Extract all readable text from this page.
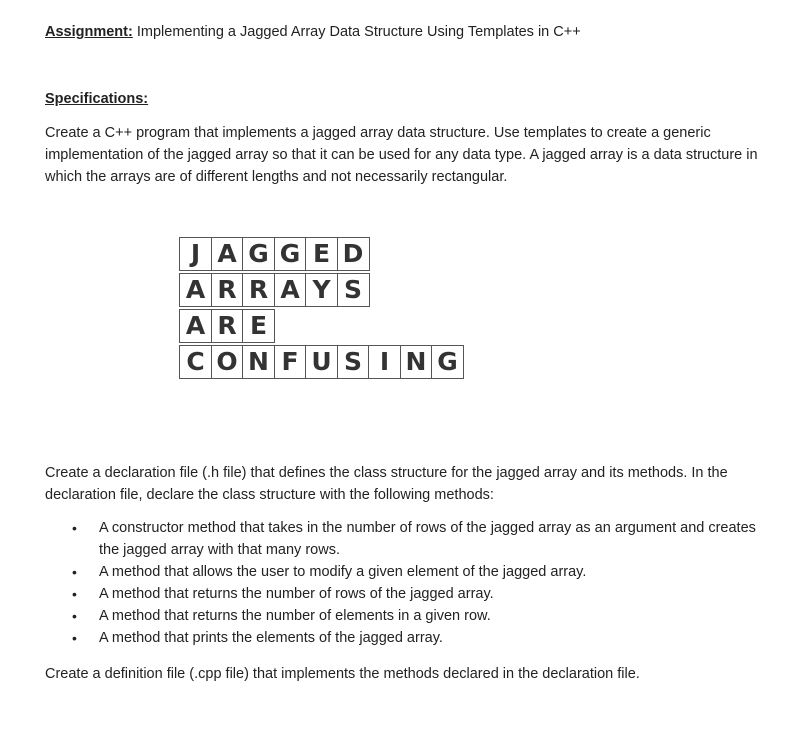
Assignment: Implementing a Jagged Array Data Structure Using Templates in C++

Specifications:

Create a C++ program that implements a jagged array data structure. Use templates to create a generic implementation of the jagged array so that it can be used for any data type. A jagged array is a data structure in which the arrays are of different lengths and not necessarily rectangular.

J A G G E D
A R R A Y S
A R E
C O N F U S I N G

Create a declaration file (.h file) that defines the class structure for the jagged array and its methods. In the declaration file, declare the class structure with the following methods:

• A constructor method that takes in the number of rows of the jagged array as an argument and creates the jagged array with that many rows.
• A method that allows the user to modify a given element of the jagged array.
• A method that returns the number of rows of the jagged array.
• A method that returns the number of elements in a given row.
• A method that prints the elements of the jagged array.

Create a definition file (.cpp file) that implements the methods declared in the declaration file.
